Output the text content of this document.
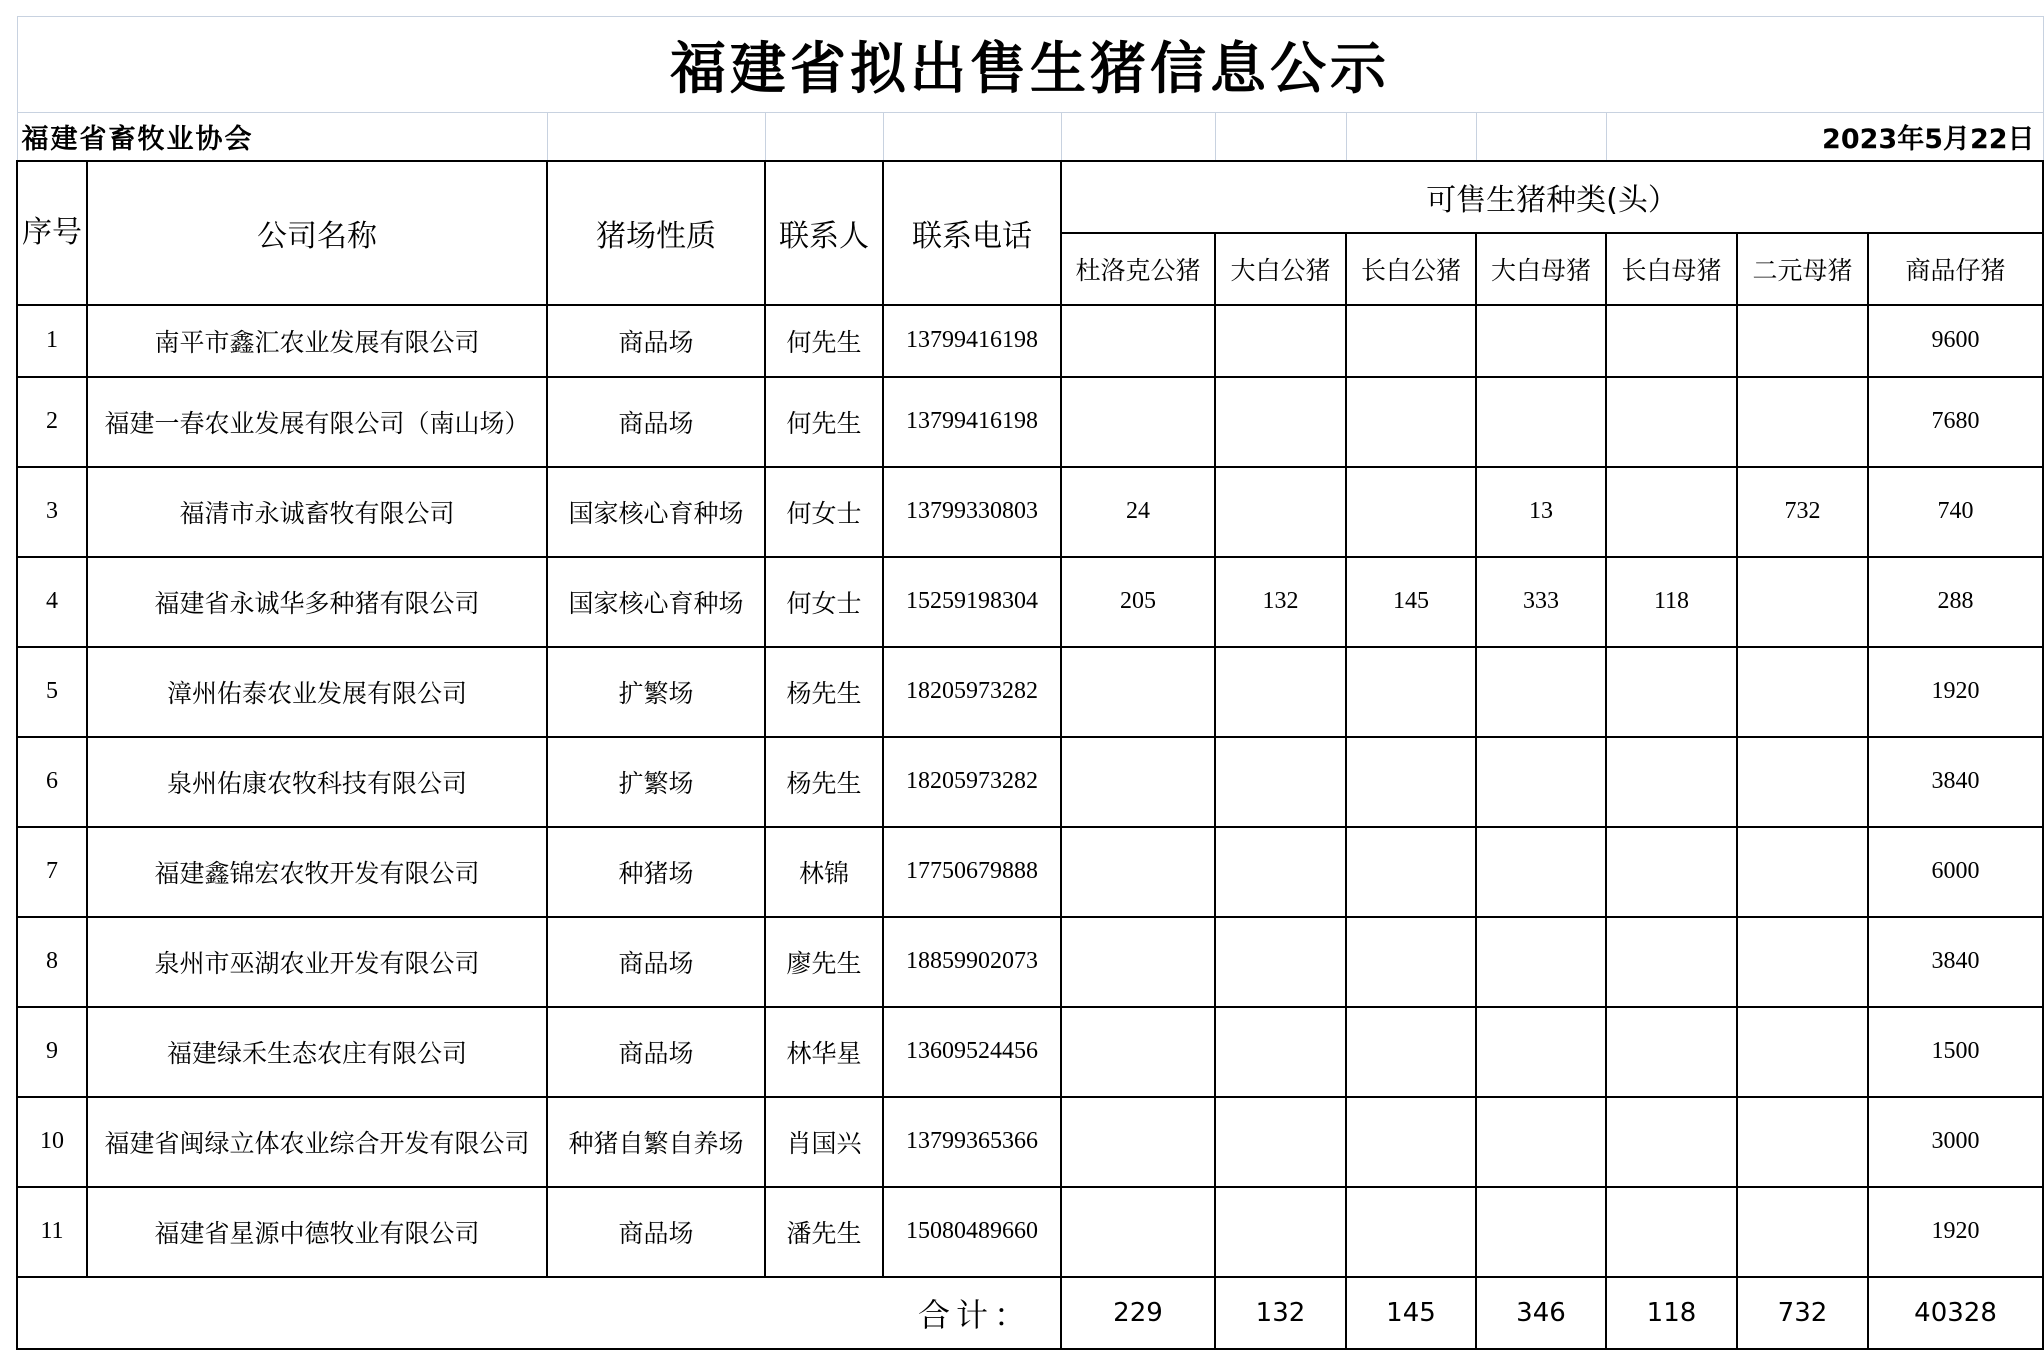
福建省拟出售生猪信息公示											
福建省畜牧业协会									2023年5月22日		
序号	公司名称	猪场性质	联系人	联系电话	可售生猪种类(头）						
					杜洛克公猪	大白公猪	长白公猪	大白母猪	长白母猪	二元母猪	商品仔猪
1	南平市鑫汇农业发展有限公司	商品场	何先生	13799416198							9600
2	福建一春农业发展有限公司（南山场）	商品场	何先生	13799416198							7680
3	福清市永诚畜牧有限公司	国家核心育种场	何女士	13799330803	24			13		732	740
4	福建省永诚华多种猪有限公司	国家核心育种场	何女士	15259198304	205	132	145	333	118		288
5	漳州佑泰农业发展有限公司	扩繁场	杨先生	18205973282							1920
6	泉州佑康农牧科技有限公司	扩繁场	杨先生	18205973282							3840
7	福建鑫锦宏农牧开发有限公司	种猪场	林锦	17750679888							6000
8	泉州市巫湖农业开发有限公司	商品场	廖先生	18859902073							3840
9	福建绿禾生态农庄有限公司	商品场	林华星	13609524456							1500
10	福建省闽绿立体农业综合开发有限公司	种猪自繁自养场	肖国兴	13799365366							3000
11	福建省星源中德牧业有限公司	商品场	潘先生	15080489660							1920
合计：					229	132	145	346	118	732	40328
